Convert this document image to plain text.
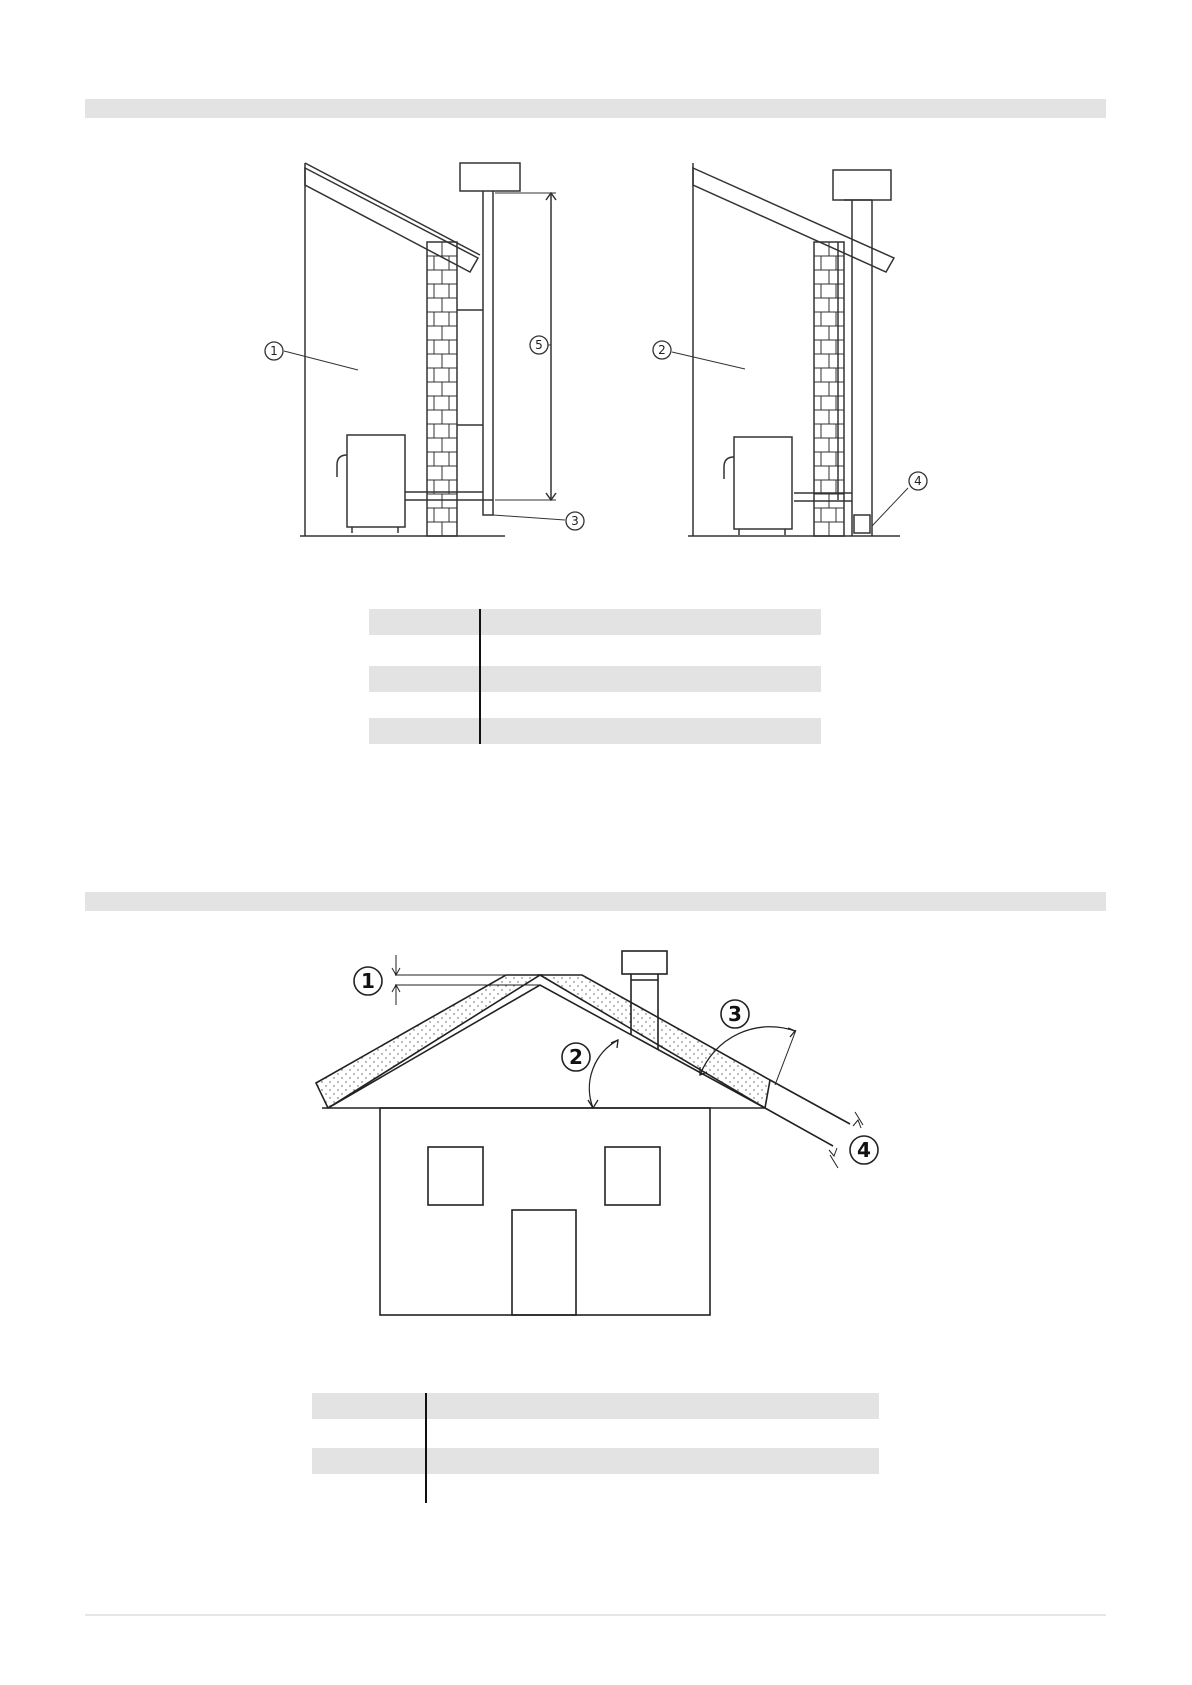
1	5
3
2
4
1
2
3
4
